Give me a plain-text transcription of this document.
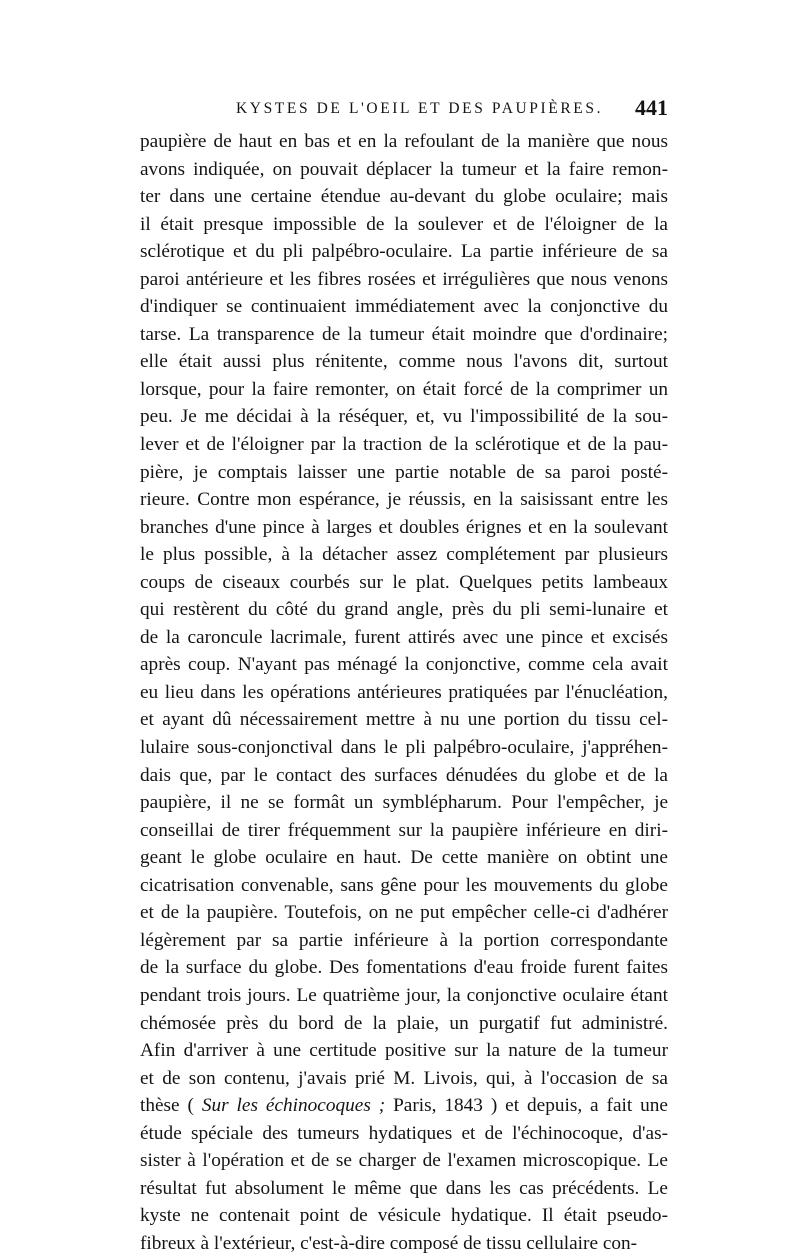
KYSTES DE L'OEIL ET DES PAUPIÈRES. 441
paupière de haut en bas et en la refoulant de la manière que nous
avons indiquée, on pouvait déplacer la tumeur et la faire remon-
ter dans une certaine étendue au-devant du globe oculaire; mais
il était presque impossible de la soulever et de l'éloigner de la
sclérotique et du pli palpébro-oculaire. La partie inférieure de sa
paroi antérieure et les fibres rosées et irrégulières que nous venons
d'indiquer se continuaient immédiatement avec la conjonctive du
tarse. La transparence de la tumeur était moindre que d'ordinaire;
elle était aussi plus rénitente, comme nous l'avons dit, surtout
lorsque, pour la faire remonter, on était forcé de la comprimer un
peu. Je me décidai à la réséquer, et, vu l'impossibilité de la sou-
lever et de l'éloigner par la traction de la sclérotique et de la pau-
pière, je comptais laisser une partie notable de sa paroi posté-
rieure. Contre mon espérance, je réussis, en la saisissant entre les
branches d'une pince à larges et doubles érignes et en la soulevant
le plus possible, à la détacher assez complétement par plusieurs
coups de ciseaux courbés sur le plat. Quelques petits lambeaux
qui restèrent du côté du grand angle, près du pli semi-lunaire et
de la caroncule lacrimale, furent attirés avec une pince et excisés
après coup. N'ayant pas ménagé la conjonctive, comme cela avait
eu lieu dans les opérations antérieures pratiquées par l'énucléation,
et ayant dû nécessairement mettre à nu une portion du tissu cel-
lulaire sous-conjonctival dans le pli palpébro-oculaire, j'appréhen-
dais que, par le contact des surfaces dénudées du globe et de la
paupière, il ne se formât un symblépharum. Pour l'empêcher, je
conseillai de tirer fréquemment sur la paupière inférieure en diri-
geant le globe oculaire en haut. De cette manière on obtint une
cicatrisation convenable, sans gêne pour les mouvements du globe
et de la paupière. Toutefois, on ne put empêcher celle-ci d'adhérer
légèrement par sa partie inférieure à la portion correspondante
de la surface du globe. Des fomentations d'eau froide furent faites
pendant trois jours. Le quatrième jour, la conjonctive oculaire étant
chémosée près du bord de la plaie, un purgatif fut administré.
Afin d'arriver à une certitude positive sur la nature de la tumeur
et de son contenu, j'avais prié M. Livois, qui, à l'occasion de sa
thèse ( Sur les échinocoques ; Paris, 1843 ) et depuis, a fait une
étude spéciale des tumeurs hydatiques et de l'échinocoque, d'as-
sister à l'opération et de se charger de l'examen microscopique. Le
résultat fut absolument le même que dans les cas précédents. Le
kyste ne contenait point de vésicule hydatique. Il était pseudo-
fibreux à l'extérieur, c'est-à-dire composé de tissu cellulaire con-
